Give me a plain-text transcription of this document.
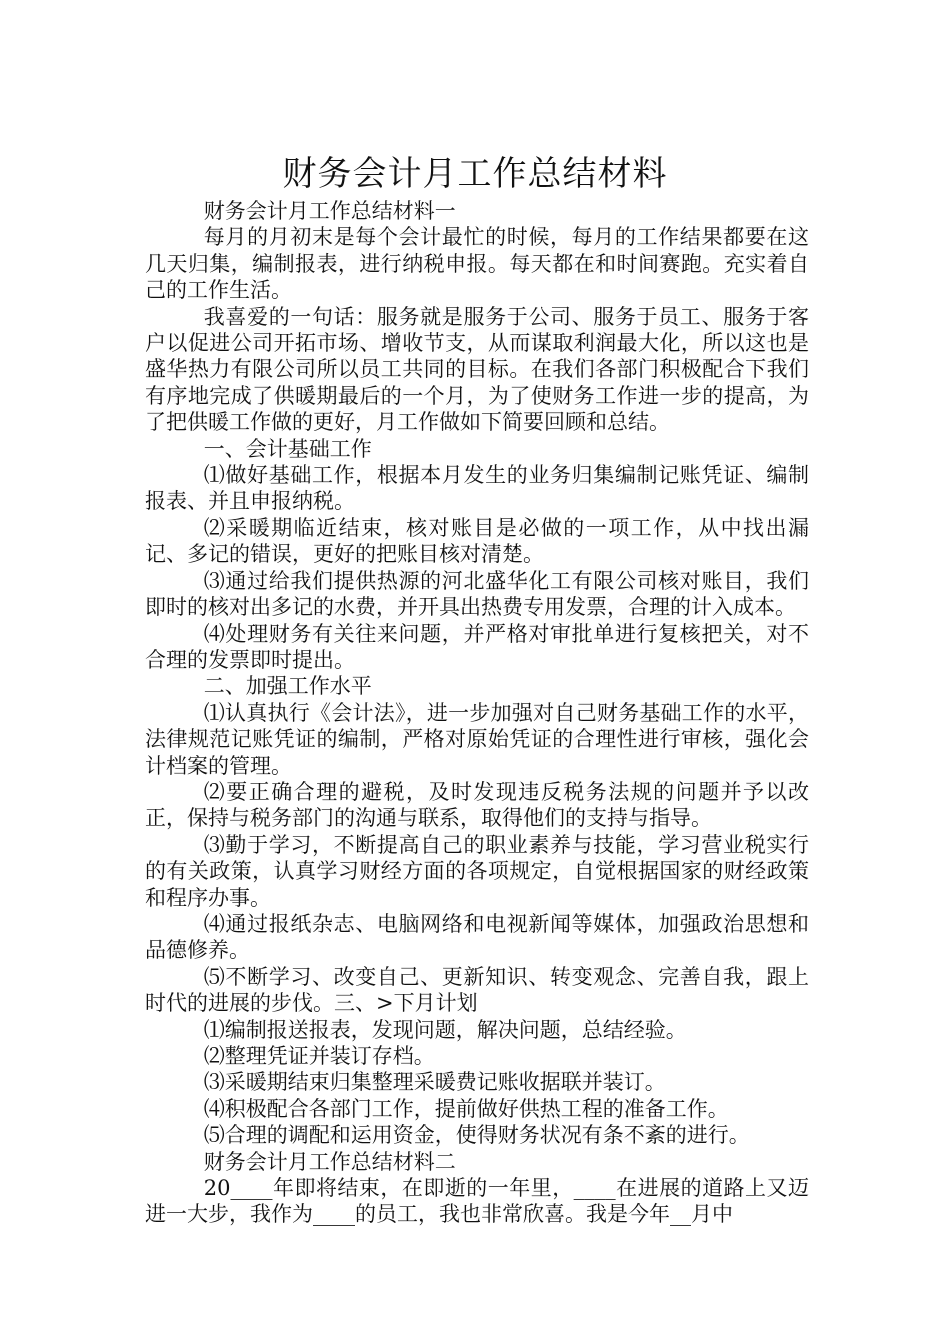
财务会计月工作总结材料

财务会计月工作总结材料一

每月的月初末是每个会计最忙的时候，每月的工作结果都要在这几天归集，编制报表，进行纳税申报。每天都在和时间赛跑。充实着自己的工作生活。

我喜爱的一句话：服务就是服务于公司、服务于员工、服务于客户以促进公司开拓市场、增收节支，从而谋取利润最大化，所以这也是盛华热力有限公司所以员工共同的目标。在我们各部门积极配合下我们有序地完成了供暖期最后的一个月，为了使财务工作进一步的提高，为了把供暖工作做的更好，月工作做如下简要回顾和总结。

一、会计基础工作

⑴做好基础工作，根据本月发生的业务归集编制记账凭证、编制报表、并且申报纳税。

⑵采暖期临近结束，核对账目是必做的一项工作，从中找出漏记、多记的错误，更好的把账目核对清楚。

⑶通过给我们提供热源的河北盛华化工有限公司核对账目，我们即时的核对出多记的水费，并开具出热费专用发票，合理的计入成本。

⑷处理财务有关往来问题，并严格对审批单进行复核把关，对不合理的发票即时提出。

二、加强工作水平

⑴认真执行《会计法》，进一步加强对自己财务基础工作的水平，法律规范记账凭证的编制，严格对原始凭证的合理性进行审核，强化会计档案的管理。

⑵要正确合理的避税，及时发现违反税务法规的问题并予以改正，保持与税务部门的沟通与联系，取得他们的支持与指导。

⑶勤于学习，不断提高自己的职业素养与技能，学习营业税实行的有关政策，认真学习财经方面的各项规定，自觉根据国家的财经政策和程序办事。

⑷通过报纸杂志、电脑网络和电视新闻等媒体，加强政治思想和品德修养。

⑸不断学习、改变自己、更新知识、转变观念、完善自我，跟上时代的进展的步伐。三、>下月计划

⑴编制报送报表，发现问题，解决问题，总结经验。

⑵整理凭证并装订存档。

⑶采暖期结束归集整理采暖费记账收据联并装订。

⑷积极配合各部门工作，提前做好供热工程的准备工作。

⑸合理的调配和运用资金，使得财务状况有条不紊的进行。

财务会计月工作总结材料二

20____年即将结束，在即逝的一年里，____在进展的道路上又迈进一大步，我作为____的员工，我也非常欣喜。我是今年__月中
